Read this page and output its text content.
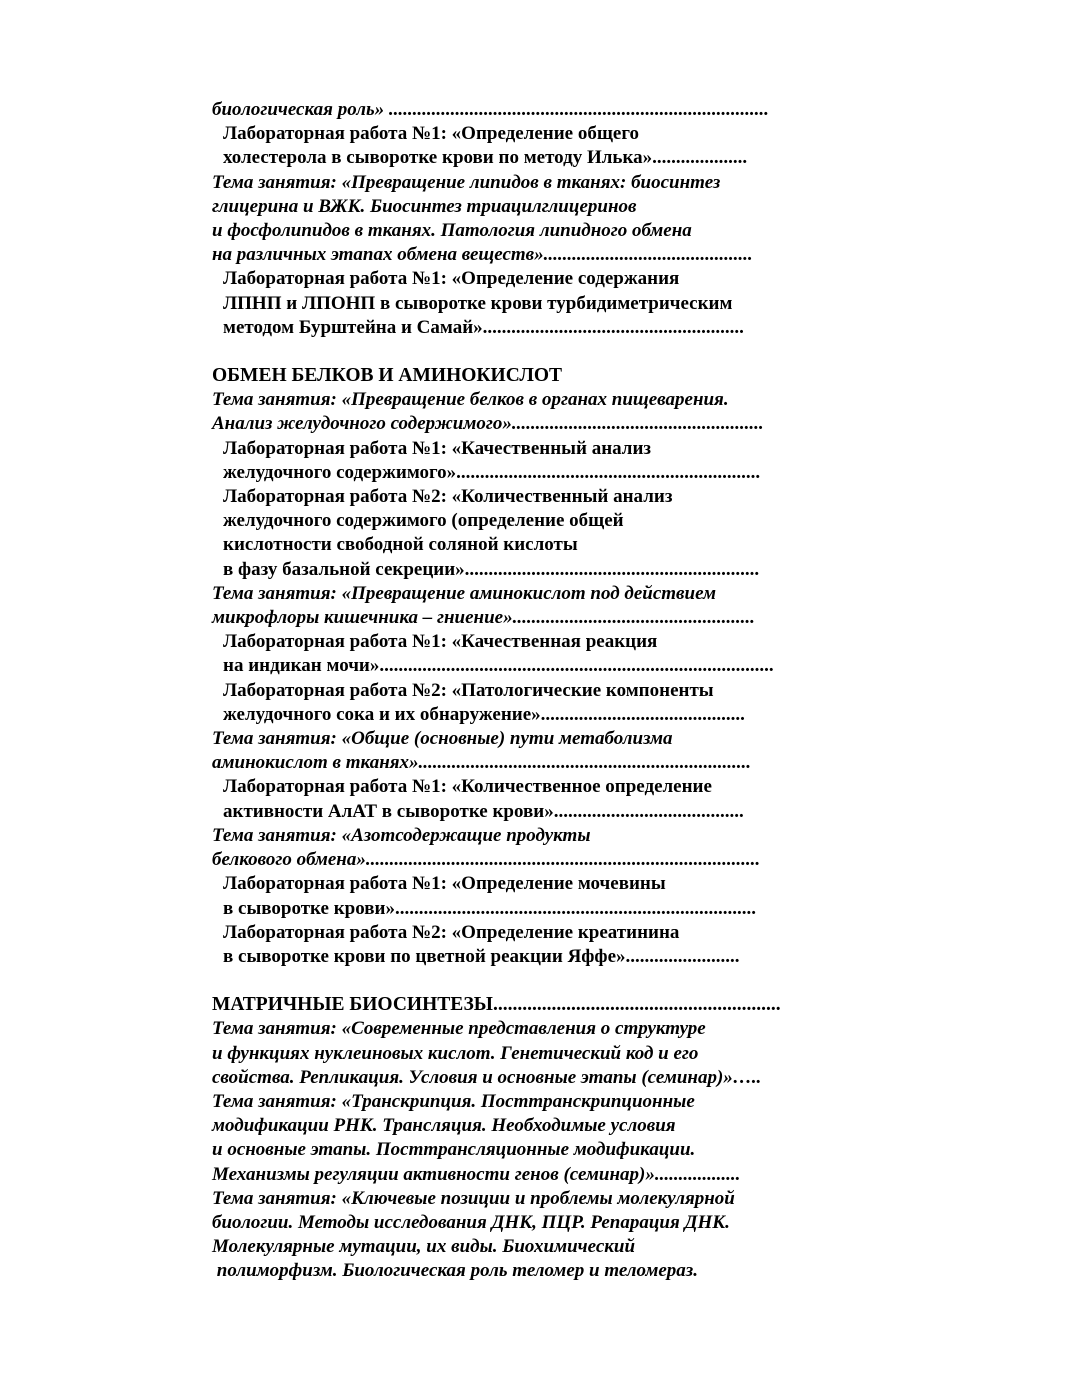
биологическая роль» ................................................................................
Лабораторная работа №1: «Определение общего
холестерола в сыворотке крови по методу Илька»....................
Тема занятия: «Превращение липидов в тканях: биосинтез
глицерина и ВЖК. Биосинтез триацилглицеринов
и фосфолипидов в тканях. Патология липидного обмена
на различных этапах обмена веществ»............................................
Лабораторная работа №1: «Определение содержания
ЛПНП и ЛПОНП в сыворотке крови турбидиметрическим
методом Бурштейна и Самай».......................................................
ОБМЕН БЕЛКОВ И АМИНОКИСЛОТ
Тема занятия: «Превращение белков в органах пищеварения.
Анализ желудочного содержимого».....................................................
Лабораторная работа №1: «Качественный анализ
желудочного содержимого»................................................................
Лабораторная работа №2: «Количественный анализ
желудочного содержимого (определение общей
кислотности свободной соляной кислоты
в фазу базальной секреции»..............................................................
Тема занятия: «Превращение аминокислот под действием
микрофлоры кишечника – гниение»...................................................
Лабораторная работа №1: «Качественная реакция
на индикан мочи»...................................................................................
Лабораторная работа №2: «Патологические компоненты
желудочного сока и их обнаружение»...........................................
Тема занятия: «Общие (основные) пути метаболизма
аминокислот в тканях»......................................................................
Лабораторная работа №1: «Количественное определение
активности АлАТ в сыворотке крови»........................................
Тема занятия: «Азотсодержащие продукты
белкового обмена»...................................................................................
Лабораторная работа №1: «Определение мочевины
в сыворотке крови»............................................................................
Лабораторная работа №2: «Определение креатинина
в сыворотке крови по цветной реакции Яффе»........................
МАТРИЧНЫЕ БИОСИНТЕЗЫ...........................................................
Тема занятия: «Современные представления о структуре
и функциях нуклеиновых кислот. Генетический код и его
свойства. Репликация. Условия и основные этапы (семинар)»…..
Тема занятия: «Транскрипция. Посттранскрипционные
модификации РНК. Трансляция. Необходимые условия
и основные этапы. Посттрансляционные модификации.
Механизмы регуляции активности генов (семинар)»..................
Тема занятия: «Ключевые позиции и проблемы молекулярной
биологии. Методы исследования ДНК, ПЦР. Репарация ДНК.
Молекулярные мутации, их виды. Биохимический
полиморфизм. Биологическая роль теломер и теломераз.
